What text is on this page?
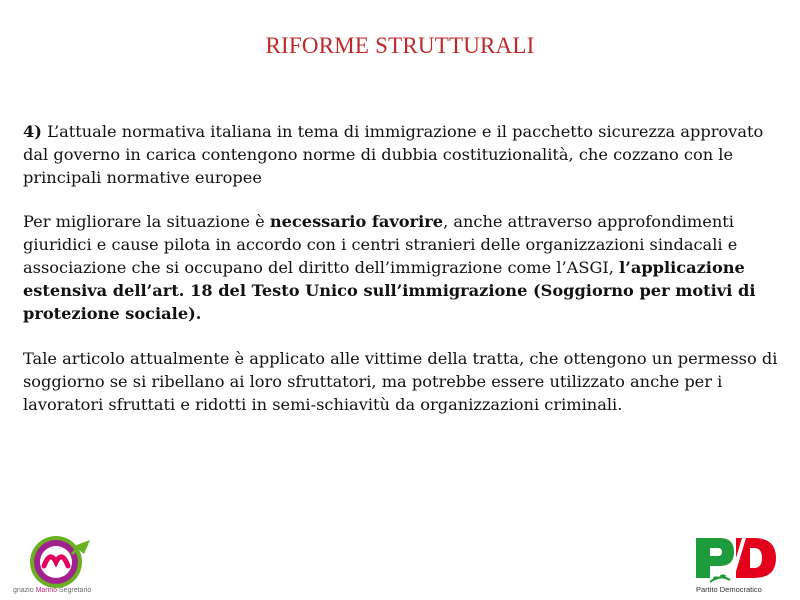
RIFORME STRUTTURALI

4) L’attuale normativa italiana in tema di immigrazione e il pacchetto sicurezza approvato dal governo in carica contengono norme di dubbia costituzionalità, che cozzano con le principali normative europee

Per migliorare la situazione è necessario favorire, anche attraverso approfondimenti giuridici e cause pilota in accordo con i centri stranieri delle organizzazioni sindacali e associazione che si occupano del diritto dell’immigrazione come l’ASGI, l’applicazione estensiva dell’art. 18 del Testo Unico sull’immigrazione (Soggiorno per motivi di protezione sociale).

Tale articolo attualmente è applicato alle vittime della tratta, che ottengono un permesso di soggiorno se si ribellano ai loro sfruttatori, ma potrebbe essere utilizzato anche per i lavoratori sfruttati e ridotti in semi-schiavitù da organizzazioni criminali.

gnazio Marino Segretario	Partito Democratico
